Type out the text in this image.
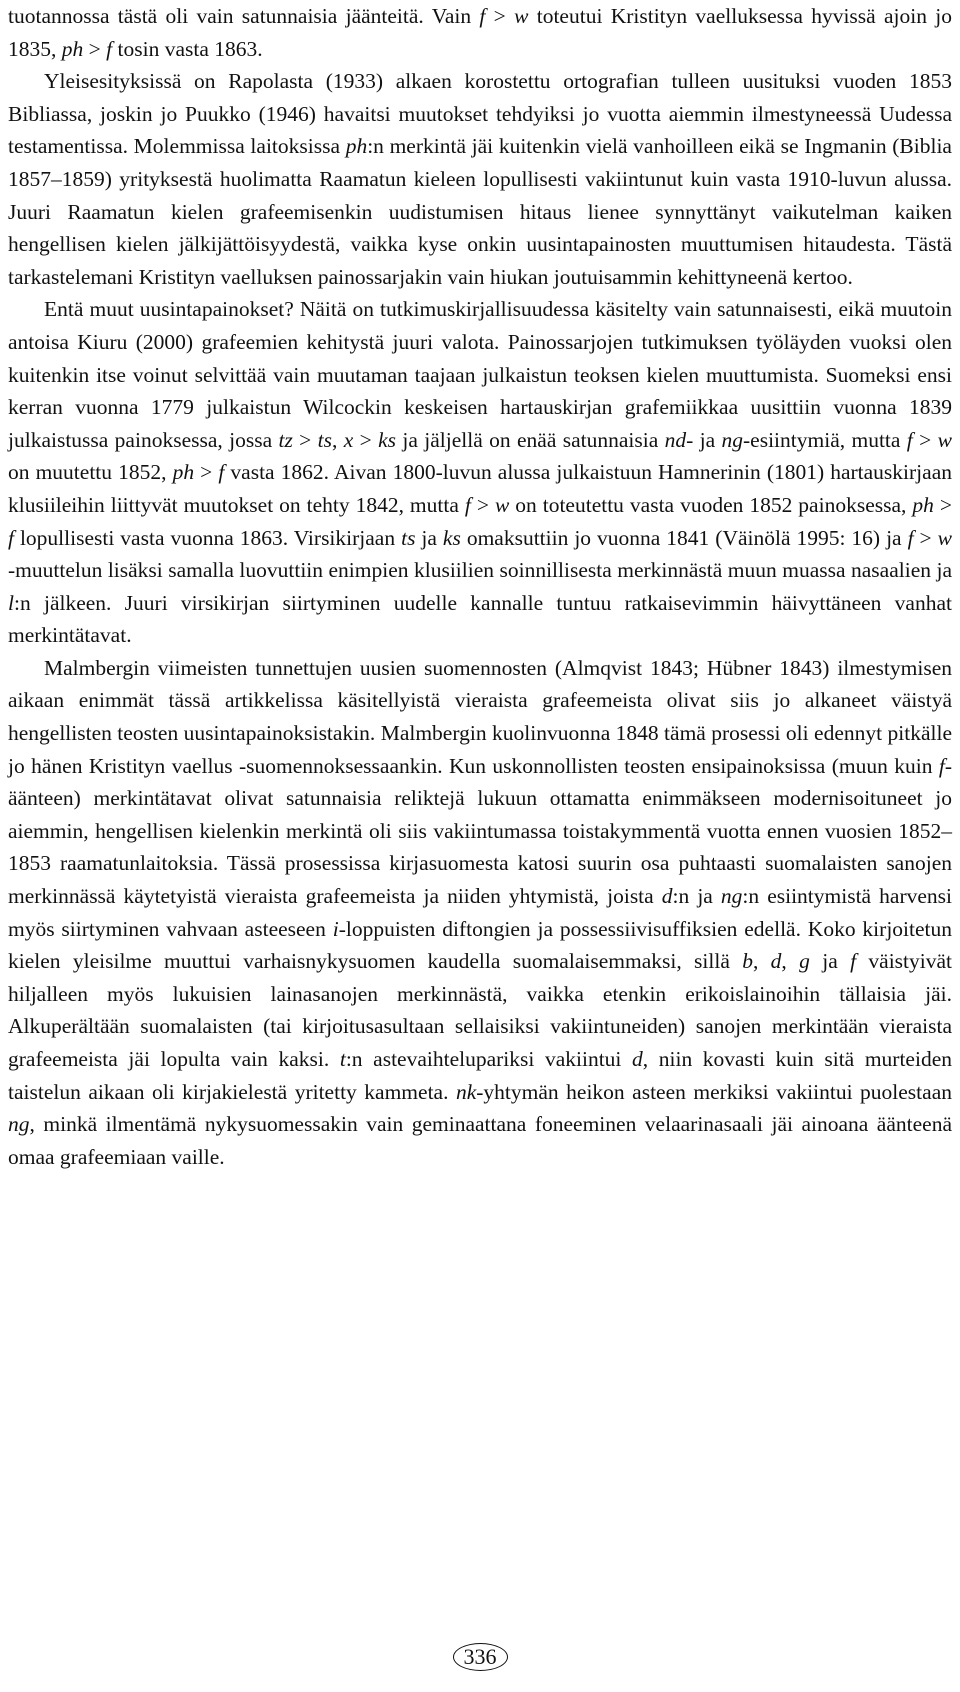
tuotannossa tästä oli vain satunnaisia jäänteitä. Vain f > w toteutui Kristityn vaelluksessa hyvissä ajoin jo 1835, ph > f tosin vasta 1863.

Yleisesityksissä on Rapolasta (1933) alkaen korostettu ortografian tulleen uusituksi vuoden 1853 Bibliassa, joskin jo Puukko (1946) havaitsi muutokset tehdyiksi jo vuotta aiemmin ilmestyneessä Uudessa testamentissa. Molemmissa laitoksissa ph:n merkintä jäi kuitenkin vielä vanhoilleen eikä se Ingmanin (Biblia 1857–1859) yrityksestä huolimatta Raamatun kieleen lopullisesti vakiintunut kuin vasta 1910-luvun alussa. Juuri Raamatun kielen grafeemisenkin uudistumisen hitaus lienee synnyttänyt vaikutelman kaiken hengellisen kielen jälkijättöisyydestä, vaikka kyse onkin uusintapainosten muuttumisen hitaudesta. Tästä tarkastelemani Kristityn vaelluksen painossarjakin vain hiukan joutuisammin kehittyneenä kertoo.

Entä muut uusintapainokset? Näitä on tutkimuskirjallisuudessa käsitelty vain satunnaisesti, eikä muutoin antoisa Kiuru (2000) grafeemien kehitystä juuri valota. Painossarjojen tutkimuksen työläyden vuoksi olen kuitenkin itse voinut selvittää vain muutaman taajaan julkaistun teoksen kielen muuttumista. Suomeksi ensi kerran vuonna 1779 julkaistun Wilcockin keskeisen hartauskirjan grafemiikkaa uusittiin vuonna 1839 julkaistussa painoksessa, jossa tz > ts, x > ks ja jäljellä on enää satunnaisia nd- ja ng-esiintymiä, mutta f > w on muutettu 1852, ph > f vasta 1862. Aivan 1800-luvun alussa julkaistuun Hamnerinin (1801) hartauskirjaan klusiileihin liittyvät muutokset on tehty 1842, mutta f > w on toteutettu vasta vuoden 1852 painoksessa, ph > f lopullisesti vasta vuonna 1863. Virsikirjaan ts ja ks omaksuttiin jo vuonna 1841 (Väinölä 1995: 16) ja f > w -muuttelun lisäksi samalla luovuttiin enimpien klusiilien soinnillisesta merkinnästä muun muassa nasaalien ja l:n jälkeen. Juuri virsikirjan siirtyminen uudelle kannalle tuntuu ratkaisevimmin häivyttäneen vanhat merkintätavat.

Malmbergin viimeisten tunnettujen uusien suomennosten (Almqvist 1843; Hübner 1843) ilmestymisen aikaan enimmät tässä artikkelissa käsitellyistä vieraista grafeemeista olivat siis jo alkaneet väistyä hengellisten teosten uusintapainoksistakin. Malmbergin kuolinvuonna 1848 tämä prosessi oli edennyt pitkälle jo hänen Kristityn vaellus -suomennoksessaankin. Kun uskonnollisten teosten ensipainoksissa (muun kuin f-äänteen) merkintätavat olivat satunnaisia reliktejä lukuun ottamatta enimmäkseen modernisoituneet jo aiemmin, hengellisen kielenkin merkintä oli siis vakiintumassa toistakymmentä vuotta ennen vuosien 1852–1853 raamatunlaitoksia. Tässä prosessissa kirjasuomesta katosi suurin osa puhtaasti suomalaisten sanojen merkinnässä käytetyistä vieraista grafeemeista ja niiden yhtymistä, joista d:n ja ng:n esiintymistä harvensi myös siirtyminen vahvaan asteeseen i-loppuisten diftongien ja possessiivisuffiksien edellä. Koko kirjoitetun kielen yleisilme muuttui varhaisnykysuomen kaudella suomalaisemmaksi, sillä b, d, g ja f väistyivät hiljalleen myös lukuisien lainasanojen merkinnästä, vaikka etenkin erikoislainoihin tällaisia jäi. Alkuperältään suomalaisten (tai kirjoitusasultaan sellaisiksi vakiintuneiden) sanojen merkintään vieraista grafeemeista jäi lopulta vain kaksi. t:n astevaihtelupariksi vakiintui d, niin kovasti kuin sitä murteiden taistelun aikaan oli kirjakielestä yritetty kammeta. nk-yhtymän heikon asteen merkiksi vakiintui puolestaan ng, minkä ilmentämä nykysuomessakin vain geminaattana foneeminen velaarinasaali jäi ainoana äänteenä omaa grafeemiaan vaille.

336
